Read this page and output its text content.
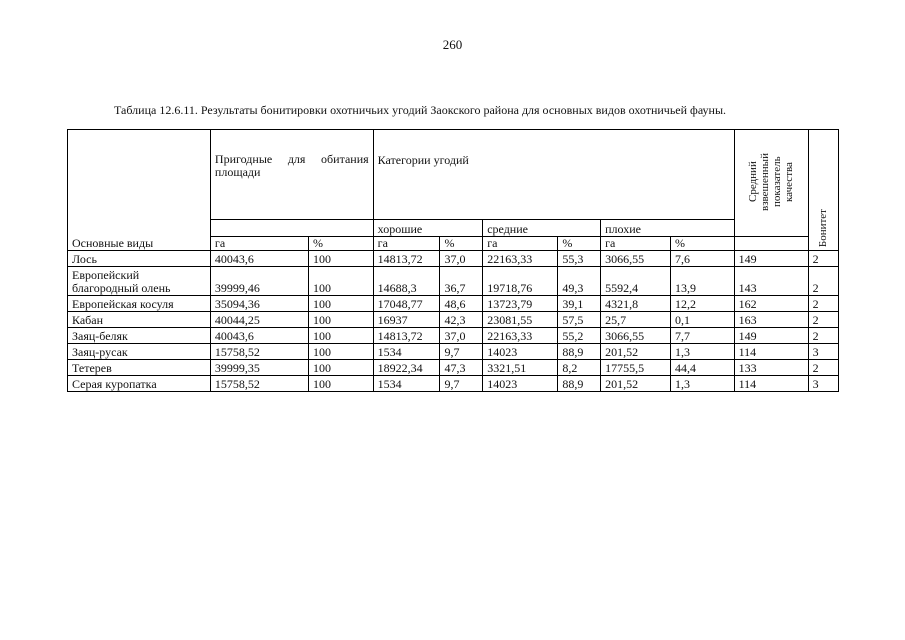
260
Таблица 12.6.11. Результаты бонитировки охотничьих угодий Заокского района для основных видов охотничьей фауны.
Основные виды	Пригодные для обитания площади		Категории угодий						Средний взвешенный показатель качества	Бонитет
			хорошие		средние		плохие			
	га	%	га	%	га	%	га	%		
Лось	40043,6	100	14813,72	37,0	22163,33	55,3	3066,55	7,6	149	2
Европейский благородный олень	39999,46	100	14688,3	36,7	19718,76	49,3	5592,4	13,9	143	2
Европейская косуля	35094,36	100	17048,77	48,6	13723,79	39,1	4321,8	12,2	162	2
Кабан	40044,25	100	16937	42,3	23081,55	57,5	25,7	0,1	163	2
Заяц-беляк	40043,6	100	14813,72	37,0	22163,33	55,2	3066,55	7,7	149	2
Заяц-русак	15758,52	100	1534	9,7	14023	88,9	201,52	1,3	114	3
Тетерев	39999,35	100	18922,34	47,3	3321,51	8,2	17755,5	44,4	133	2
Серая куропатка	15758,52	100	1534	9,7	14023	88,9	201,52	1,3	114	3
